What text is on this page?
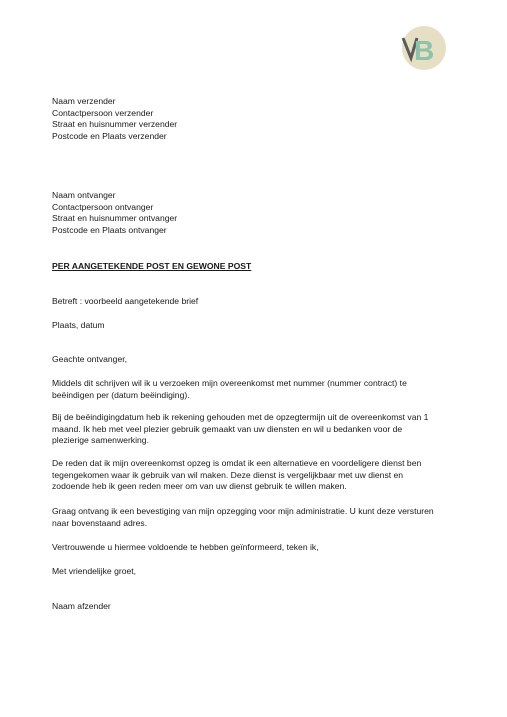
B
Naam verzender
Contactpersoon verzender
Straat en huisnummer verzender
Postcode en Plaats verzender
Naam ontvanger
Contactpersoon ontvanger
Straat en huisnummer ontvanger
Postcode en Plaats ontvanger
PER AANGETEKENDE POST EN GEWONE POST
Betreft : voorbeeld aangetekende brief
Plaats, datum
Geachte ontvanger,
Middels dit schrijven wil ik u verzoeken mijn overeenkomst met nummer (nummer contract) te
beëindigen per (datum beëindiging).
Bij de beëindigingdatum heb ik rekening gehouden met de opzegtermijn uit de overeenkomst van 1
maand. Ik heb met veel plezier gebruik gemaakt van uw diensten en wil u bedanken voor de
plezierige samenwerking.
De reden dat ik mijn overeenkomst opzeg is omdat ik een alternatieve en voordeligere dienst ben
tegengekomen waar ik gebruik van wil maken. Deze dienst is vergelijkbaar met uw dienst en
zodoende heb ik geen reden meer om van uw dienst gebruik te willen maken.
Graag ontvang ik een bevestiging van mijn opzegging voor mijn administratie. U kunt deze versturen
naar bovenstaand adres.
Vertrouwende u hiermee voldoende te hebben geïnformeerd, teken ik,
Met vriendelijke groet,
Naam afzender
